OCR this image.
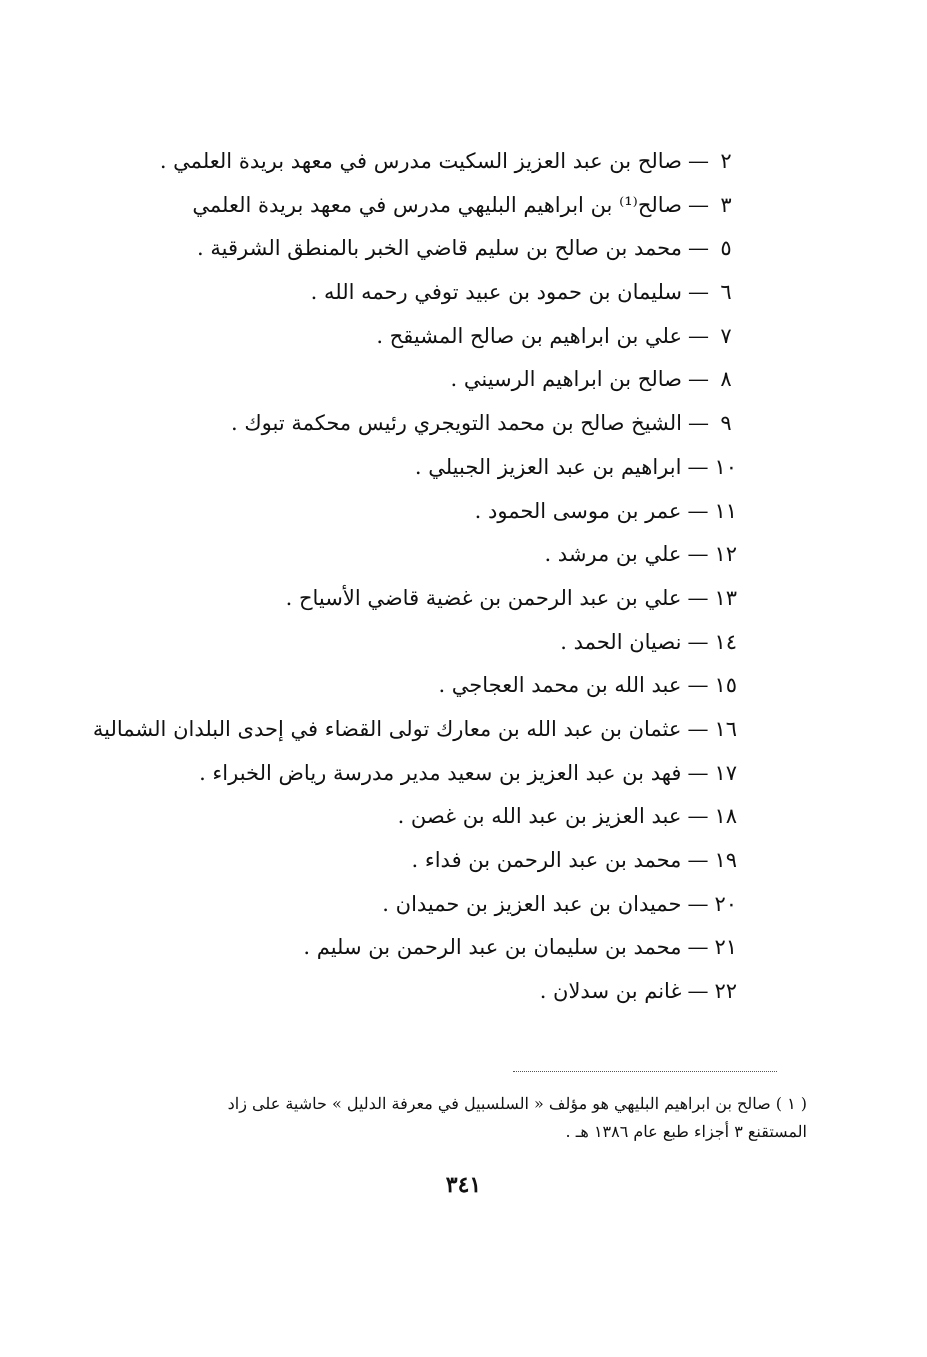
٢—صالح بن عبد العزيز السكيت مدرس في معهد بريدة العلمي .
٣—صالح⁽¹⁾ بن ابراهيم البليهي مدرس في معهد بريدة العلمي
٥—محمد بن صالح بن سليم قاضي الخبر بالمنطق الشرقية .
٦—سليمان بن حمود بن عبيد توفي رحمه الله .
٧—علي بن ابراهيم بن صالح المشيقح .
٨—صالح بن ابراهيم الرسيني .
٩—الشيخ صالح بن محمد التويجري رئيس محكمة تبوك .
١٠—ابراهيم بن عبد العزيز الجبيلي .
١١—عمر بن موسى الحمود .
١٢—علي بن مرشد .
١٣—علي بن عبد الرحمن بن غضية قاضي الأسياح .
١٤—نصيان الحمد .
١٥—عبد الله بن محمد العجاجي .
١٦—عثمان بن عبد الله بن معارك تولى القضاء في إحدى البلدان الشمالية
١٧—فهد بن عبد العزيز بن سعيد مدير مدرسة رياض الخبراء .
١٨—عبد العزيز بن عبد الله بن غصن .
١٩—محمد بن عبد الرحمن بن فداء .
٢٠—حميدان بن عبد العزيز بن حميدان .
٢١—محمد بن سليمان بن عبد الرحمن بن سليم .
٢٢—غانم بن سدلان .
( ١ ) صالح بن ابراهيم البليهي هو مؤلف « السلسبيل في معرفة الدليل » حاشية على زاد
المستقنع ٣ أجزاء طبع عام ١٣٨٦ هـ .
٣٤١
